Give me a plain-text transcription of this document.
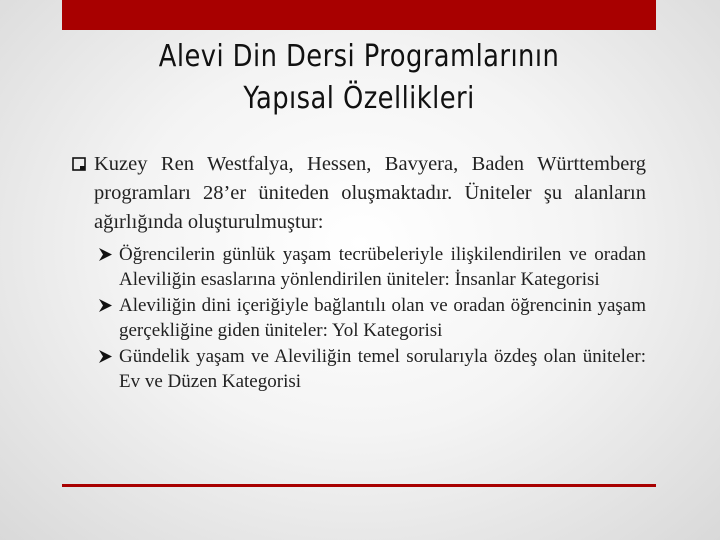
Alevi Din Dersi Programlarının
Yapısal Özellikleri
Kuzey Ren Westfalya, Hessen, Bavyera, Baden Württemberg programları 28’er üniteden oluşmaktadır. Üniteler şu alanların ağırlığında oluşturulmuştur:
Öğrencilerin günlük yaşam tecrübeleriyle ilişkilendirilen ve oradan Aleviliğin esaslarına yönlendirilen üniteler: İnsanlar Kategorisi
Aleviliğin dini içeriğiyle bağlantılı olan ve oradan öğrencinin yaşam gerçekliğine giden üniteler: Yol Kategorisi
Gündelik yaşam ve Aleviliğin temel sorularıyla özdeş olan üniteler: Ev ve Düzen Kategorisi
